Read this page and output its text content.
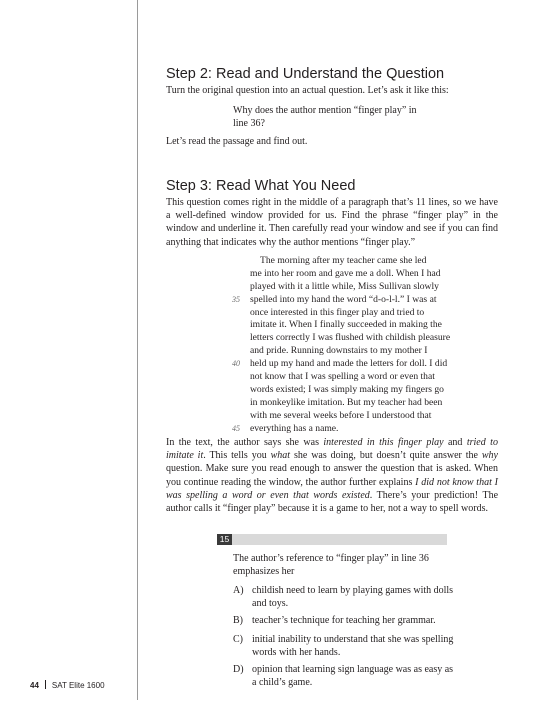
Step 2: Read and Understand the Question

Turn the original question into an actual question. Let’s ask it like this:

Why does the author mention “finger play” in
line 36?

Let’s read the passage and find out.

Step 3: Read What You Need

This question comes right in the middle of a paragraph that’s 11 lines, so we have a well-defined window provided for us. Find the phrase “finger play” in the window and underline it. Then carefully read your window and see if you can find anything that indicates why the author mentions “finger play.”

The morning after my teacher came she led
me into her room and gave me a doll. When I had
played with it a little while, Miss Sullivan slowly
35 spelled into my hand the word “d-o-l-l.” I was at
once interested in this finger play and tried to
imitate it. When I finally succeeded in making the
letters correctly I was flushed with childish pleasure
and pride. Running downstairs to my mother I
40 held up my hand and made the letters for doll. I did
not know that I was spelling a word or even that
words existed; I was simply making my fingers go
in monkeylike imitation. But my teacher had been
with me several weeks before I understood that
45 everything has a name.

In the text, the author says she was interested in this finger play and tried to imitate it. This tells you what she was doing, but doesn’t quite answer the why question. Make sure you read enough to answer the question that is asked. When you continue reading the window, the author further explains I did not know that I was spelling a word or even that words existed. There’s your prediction! The author calls it “finger play” because it is a game to her, not a way to spell words.

15
The author’s reference to “finger play” in line 36 emphasizes her
A) childish need to learn by playing games with dolls and toys.
B) teacher’s technique for teaching her grammar.
C) initial inability to understand that she was spelling words with her hands.
D) opinion that learning sign language was as easy as a child’s game.
44 SAT Elite 1600
